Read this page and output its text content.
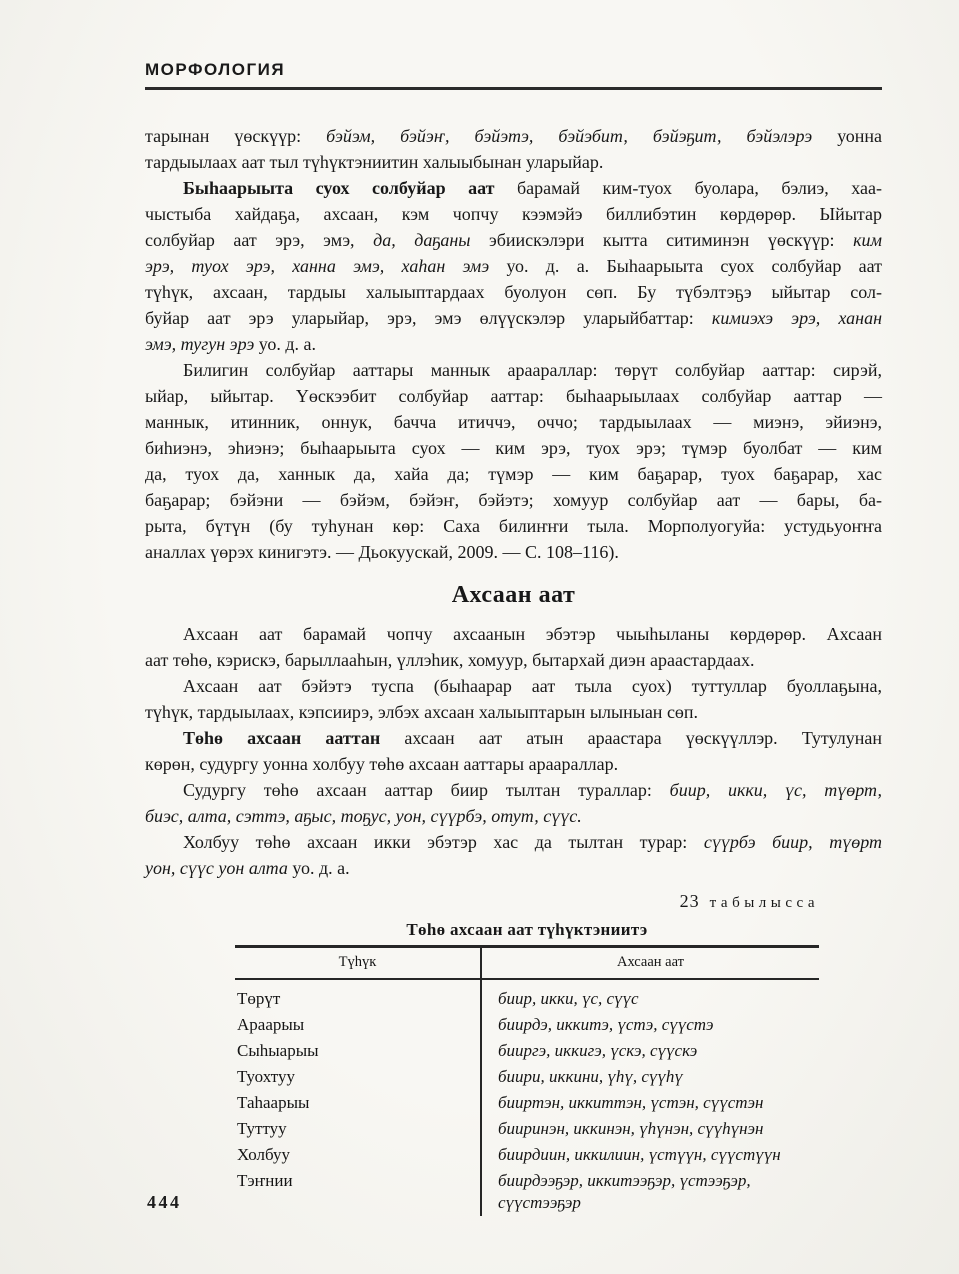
МОРФОЛОГИЯ
тарынан үөскүүр: бэйэм, бэйэҥ, бэйэтэ, бэйэбит, бэйэҕит, бэйэлэрэ уонна
тардыылаах аат тыл түһүктэниитин халыыбынан уларыйар.
Быһаарыыта суох солбуйар аат барамай ким-туох буолара, бэлиэ, хаа-
чыстыба хайдаҕа, ахсаан, кэм чопчу кээмэйэ биллибэтин көрдөрөр. Ыйытар
солбуйар аат эрэ, эмэ, да, даҕаны эбиискэлэри кытта ситиминэн үөскүүр: ким
эрэ, туох эрэ, ханна эмэ, хаһан эмэ уо. д. а. Быһаарыыта суох солбуйар аат
түһүк, ахсаан, тардыы халыыптардаах буолуон сөп. Бу түбэлтэҕэ ыйытар сол-
буйар аат эрэ уларыйар, эрэ, эмэ өлүүскэлэр уларыйбаттар: кимиэхэ эрэ, ханан
эмэ, тугун эрэ уо. д. а.
Билигин солбуйар ааттары маннык араараллар: төрүт солбуйар ааттар: сирэй,
ыйар, ыйытар. Үөскээбит солбуйар ааттар: быһаарыылаах солбуйар ааттар —
маннык, итинник, оннук, бачча итиччэ, оччо; тардыылаах — миэнэ, эйиэнэ,
биһиэнэ, эһиэнэ; быһаарыыта суох — ким эрэ, туох эрэ; түмэр буолбат — ким
да, туох да, ханнык да, хайа да; түмэр — ким баҕарар, туох баҕарар, хас
баҕарар; бэйэни — бэйэм, бэйэҥ, бэйэтэ; хомуур солбуйар аат — бары, ба-
рыта, бүтүн (бу туһунан көр: Саха билиҥҥи тыла. Морполуогуйа: устудьуоҥҥа
аналлах үөрэх кинигэтэ. — Дьокуускай, 2009. — С. 108–116).
Ахсаан аат
Ахсаан аат барамай чопчу ахсаанын эбэтэр чыыһыланы көрдөрөр. Ахсаан
аат төһө, кэрискэ, барыллааһын, үллэһик, хомуур, бытархай диэн араастардаах.
Ахсаан аат бэйэтэ туспа (быһаарар аат тыла суох) туттуллар буоллаҕына,
түһүк, тардыылаах, кэпсиирэ, элбэх ахсаан халыыптарын ылыныан сөп.
Төһө ахсаан ааттан ахсаан аат атын араастара үөскүүллэр. Тутулунан
көрөн, судургу уонна холбуу төһө ахсаан ааттары араараллар.
Судургу төһө ахсаан ааттар биир тылтан тураллар: биир, икки, үс, түөрт,
биэс, алта, сэттэ, аҕыс, тоҕус, уон, сүүрбэ, отут, сүүс.
Холбуу төһө ахсаан икки эбэтэр хас да тылтан турар: сүүрбэ биир, түөрт
уон, сүүс уон алта уо. д. а.
23 табылысса
Төһө ахсаан аат түһүктэниитэ
Түһүк	Ахсаан аат
Төрүт	биир, икки, үс, сүүс
Араарыы	биирдэ, иккитэ, үстэ, сүүстэ
Сыһыарыы	бииргэ, иккигэ, үскэ, сүүскэ
Туохтуу	биири, иккини, үһү, сүүһү
Таһаарыы	бииртэн, иккиттэн, үстэн, сүүстэн
Туттуу	бииринэн, иккинэн, үһүнэн, сүүһүнэн
Холбуу	биирдиин, иккилиин, үстүүн, сүүстүүн
Тэҥнии	биирдээҕэр, иккитээҕэр, үстээҕэр, сүүстээҕэр
444
